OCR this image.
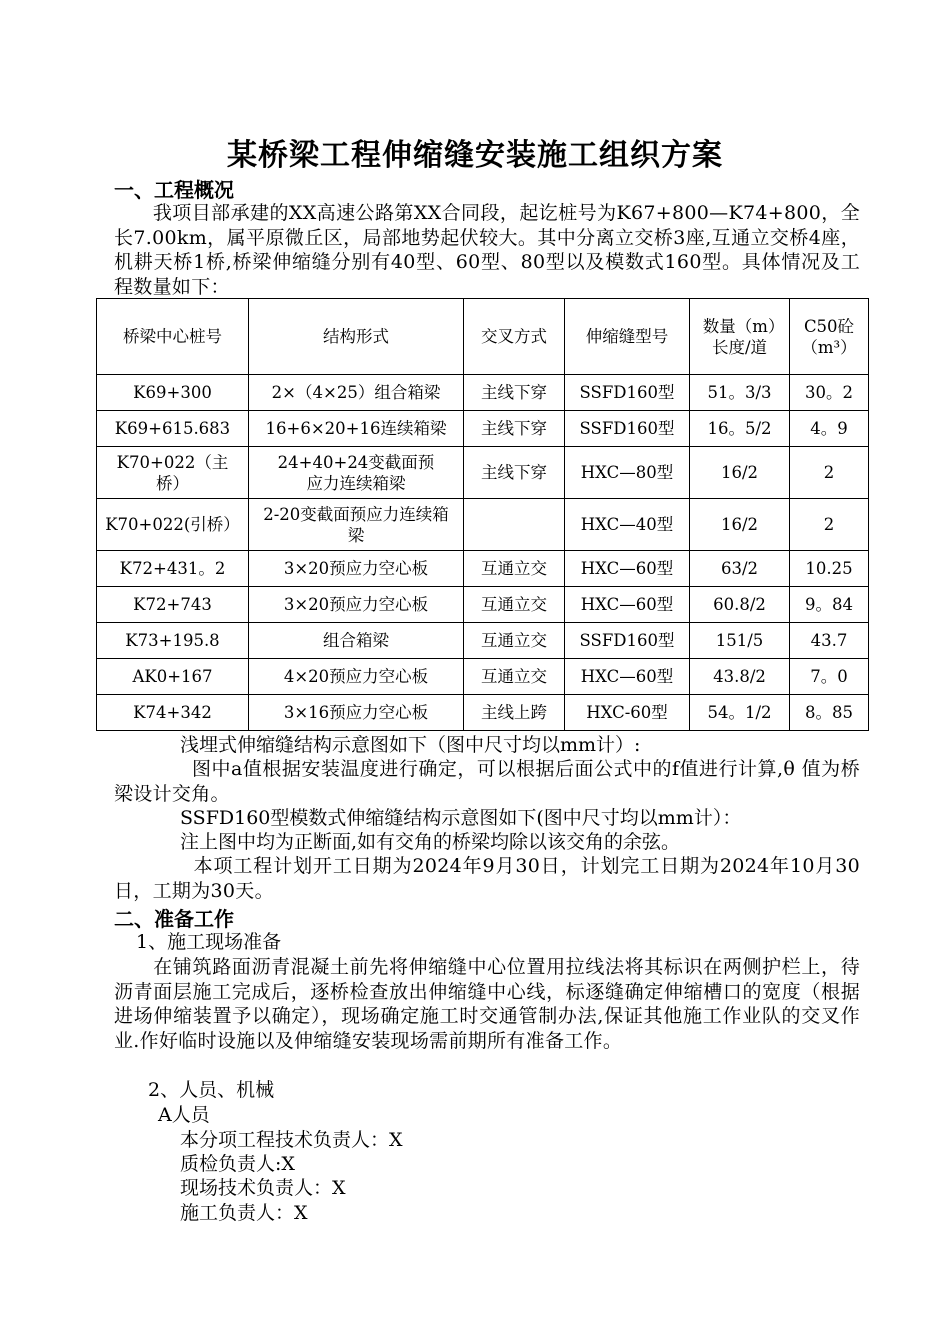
某桥梁工程伸缩缝安装施工组织方案
一、工程概况
　　我项目部承建的XX高速公路第XX合同段，起讫桩号为K67+800—K74+800，全长7.00km，属平原微丘区，局部地势起伏较大。其中分离立交桥3座,互通立交桥4座，机耕天桥1桥,桥梁伸缩缝分别有40型、60型、80型以及模数式160型。具体情况及工程数量如下：
桥梁中心桩号	结构形式	交叉方式	伸缩缝型号	数量（m）长度/道	C50砼（m³）
K69+300	2×（4×25）组合箱梁	主线下穿	SSFD160型	51。3/3	30。2
K69+615.683	16+6×20+16连续箱梁	主线下穿	SSFD160型	16。5/2	4。9
K70+022（主桥）	24+40+24变截面预应力连续箱梁	主线下穿	HXC—80型	16/2	2
K70+022(引桥）	2-20变截面预应力连续箱梁		HXC—40型	16/2	2
K72+431。2	3×20预应力空心板	互通立交	HXC—60型	63/2	10.25
K72+743	3×20预应力空心板	互通立交	HXC—60型	60.8/2	9。84
K73+195.8	组合箱梁	互通立交	SSFD160型	151/5	43.7
AK0+167	4×20预应力空心板	互通立交	HXC—60型	43.8/2	7。0
K74+342	3×16预应力空心板	主线上跨	HXC-60型	54。1/2	8。85
浅埋式伸缩缝结构示意图如下（图中尺寸均以mm计）:
　　　　图中a值根据安装温度进行确定，可以根据后面公式中的f值进行计算,θ 值为桥梁设计交角。
SSFD160型模数式伸缩缝结构示意图如下(图中尺寸均以mm计）：
注上图中均为正断面,如有交角的桥梁均除以该交角的余弦。
　　　　本项工程计划开工日期为2024年9月30日，计划完工日期为2024年10月30日，工期为30天。
二、准备工作
1、施工现场准备
　　在铺筑路面沥青混凝土前先将伸缩缝中心位置用拉线法将其标识在两侧护栏上，待沥青面层施工完成后，逐桥检查放出伸缩缝中心线，标逐缝确定伸缩槽口的宽度（根据进场伸缩装置予以确定），现场确定施工时交通管制办法,保证其他施工作业队的交叉作业.作好临时设施以及伸缩缝安装现场需前期所有准备工作。
2、人员、机械
A人员
本分项工程技术负责人：X
质检负责人:X
现场技术负责人：X
施工负责人：X
